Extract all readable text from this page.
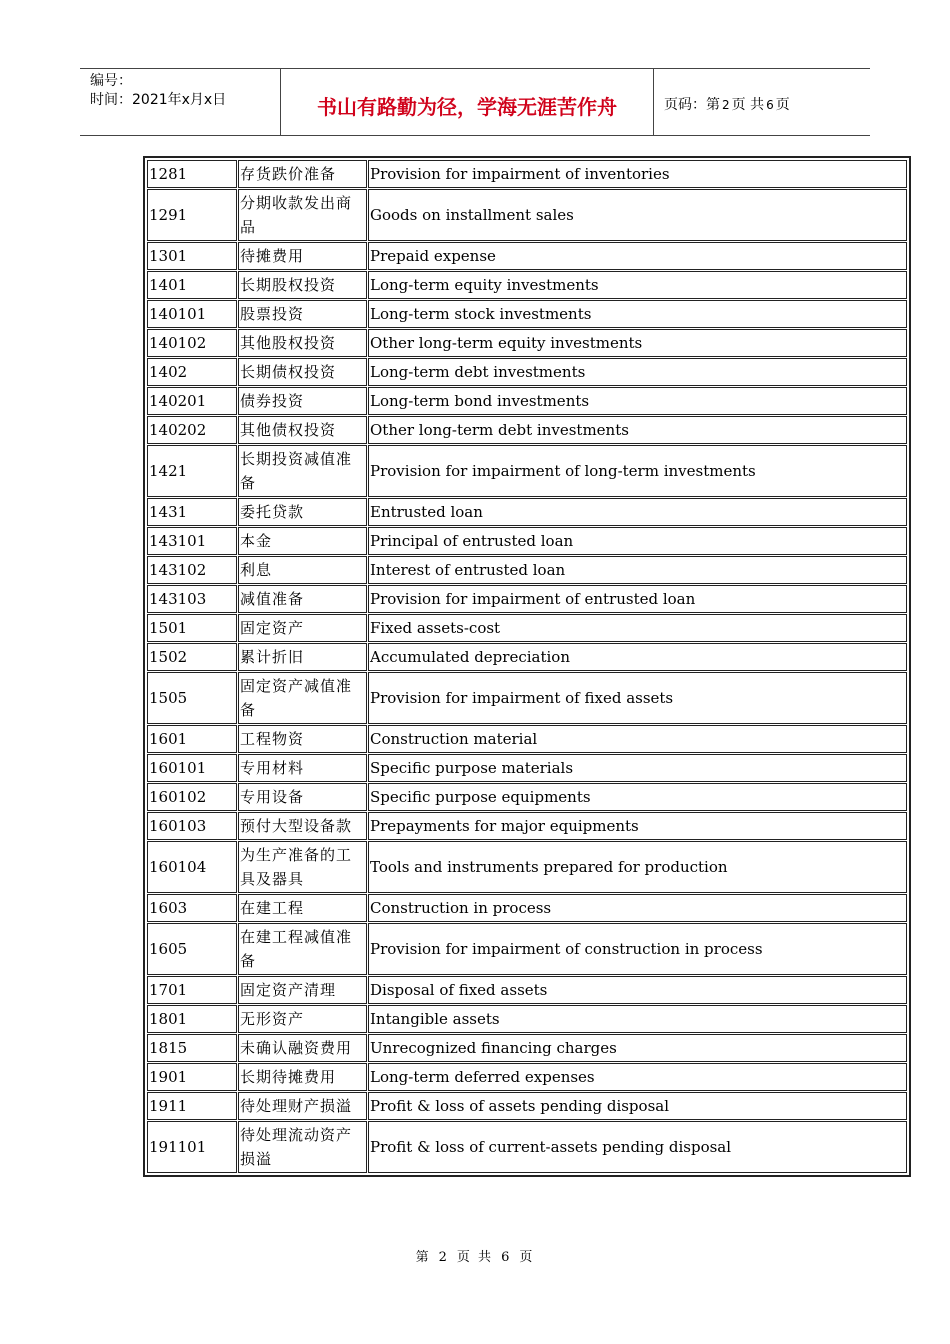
编号：
时间：2021年x月x日	书山有路勤为径，学海无涯苦作舟	页码：第 2 页 共 6 页
1281	存货跌价准备	Provision for impairment of inventories
1291	分期收款发出商品	Goods on installment sales
1301	待摊费用	Prepaid expense
1401	长期股权投资	Long-term equity investments
140101	股票投资	Long-term stock investments
140102	其他股权投资	Other long-term equity investments
1402	长期债权投资	Long-term debt investments
140201	债券投资	Long-term bond investments
140202	其他债权投资	Other long-term debt investments
1421	长期投资减值准备	Provision for impairment of long-term investments
1431	委托贷款	Entrusted loan
143101	本金	Principal of entrusted loan
143102	利息	Interest of entrusted loan
143103	减值准备	Provision for impairment of entrusted loan
1501	固定资产	Fixed assets-cost
1502	累计折旧	Accumulated depreciation
1505	固定资产减值准备	Provision for impairment of fixed assets
1601	工程物资	Construction material
160101	专用材料	Specific purpose materials
160102	专用设备	Specific purpose equipments
160103	预付大型设备款	Prepayments for major equipments
160104	为生产准备的工具及器具	Tools and instruments prepared for production
1603	在建工程	Construction in process
1605	在建工程减值准备	Provision for impairment of construction in process
1701	固定资产清理	Disposal of fixed assets
1801	无形资产	Intangible assets
1815	未确认融资费用	Unrecognized financing charges
1901	长期待摊费用	Long-term deferred expenses
1911	待处理财产损溢	Profit & loss of assets pending disposal
191101	待处理流动资产损溢	Profit & loss of current-assets pending disposal
第 2 页 共 6 页
